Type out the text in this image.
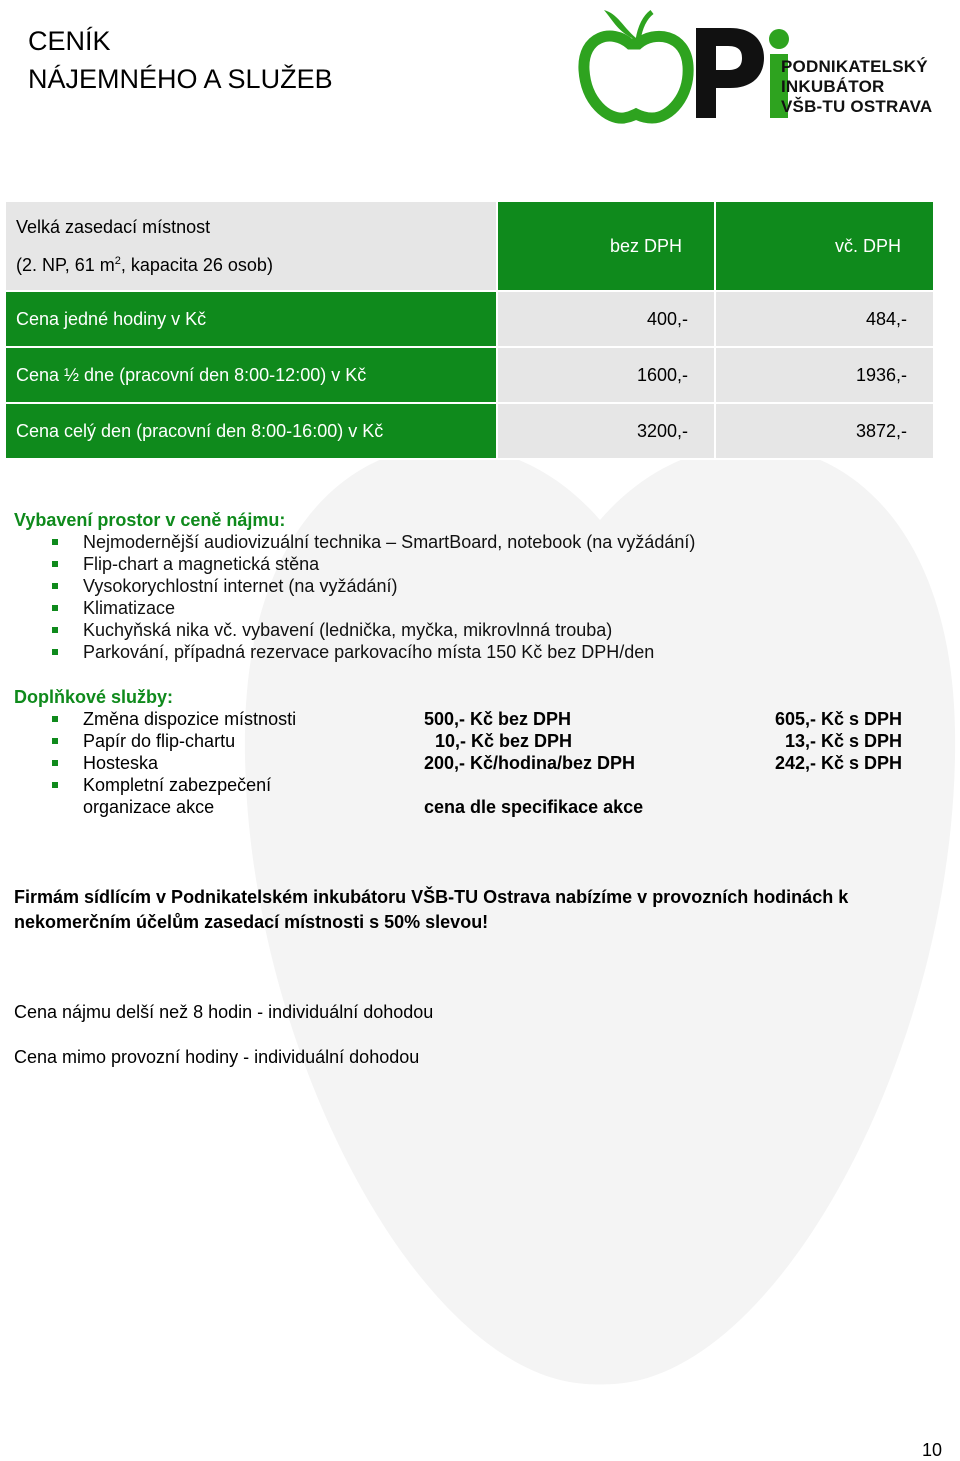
CENÍK
NÁJEMNÉHO A SLUŽEB	PODNIKATELSKÝ
INKUBÁTOR
VŠB-TU OSTRAVA
Velká zasedací místnost
(2. NP, 61 $m^2$, kapacita 26 osob)	bez DPH	vč. DPH
Cena jedné hodiny v Kč	400,-	484,-
Cena ½ dne (pracovní den 8:00-12:00) v Kč	1600,-	1936,-
Cena celý den (pracovní den 8:00-16:00) v Kč	3200,-	3872,-
Vybavení prostor v ceně nájmu:
Nejmodernější audiovizuální technika – SmartBoard, notebook (na vyžádání)
Flip-chart a magnetická stěna
Vysokorychlostní internet (na vyžádání)
Klimatizace
Kuchyňská nika vč. vybavení (lednička, myčka, mikrovlnná trouba)
Parkování, případná rezervace parkovacího místa 150 Kč bez DPH/den
Doplňkové služby:
Změna dispozice místnosti	500,- Kč bez DPH	605,- Kč s DPH
Papír do flip-chartu	10,- Kč bez DPH	13,- Kč s DPH
Hosteska	200,- Kč/hodina/bez DPH	242,- Kč s DPH
Kompletní zabezpečení
organizace akce	cena dle specifikace akce
Firmám sídlícím v Podnikatelském inkubátoru VŠB-TU Ostrava nabízíme v provozních hodinách k nekomerčním účelům zasedací místnosti s 50% slevou!
Cena nájmu delší než 8 hodin - individuální dohodou
Cena mimo provozní hodiny - individuální dohodou
10
